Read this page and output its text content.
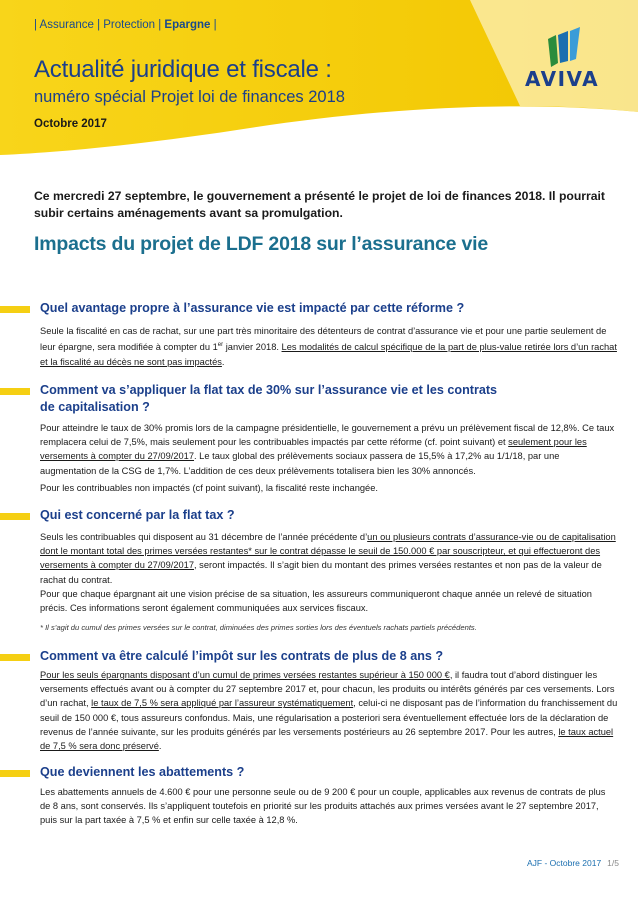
| Assurance | Protection | Epargne |
Actualité juridique et fiscale :
numéro spécial Projet loi de finances 2018
Octobre 2017
AVIVA
Ce mercredi 27 septembre, le gouvernement a présenté le projet de loi de finances 2018. Il pourrait subir certains aménagements avant sa promulgation.
Impacts du projet de LDF 2018 sur l’assurance vie
Quel avantage propre à l’assurance vie est impacté par cette réforme ?
Seule la fiscalité en cas de rachat, sur une part très minoritaire des détenteurs de contrat d’assurance vie et pour une partie seulement de leur épargne, sera modifiée à compter du 1er janvier 2018. Les modalités de calcul spécifique de la part de plus-value retirée lors d’un rachat et la fiscalité au décès ne sont pas impactés.
Comment va s’appliquer la flat tax de 30% sur l’assurance vie et les contrats
de capitalisation ?
Pour atteindre le taux de 30% promis lors de la campagne présidentielle, le gouvernement a prévu un prélèvement fiscal de 12,8%. Ce taux remplacera celui de 7,5%, mais seulement pour les contribuables impactés par cette réforme (cf. point suivant) et seulement pour les versements à compter du 27/09/2017. Le taux global des prélèvements sociaux passera de 15,5% à 17,2% au 1/1/18, par une augmentation de la CSG de 1,7%. L’addition de ces deux prélèvements totalisera bien les 30% annoncés.
Pour les contribuables non impactés (cf point suivant), la fiscalité reste inchangée.
Qui est concerné par la flat tax ?
Seuls les contribuables qui disposent au 31 décembre de l’année précédente d’un ou plusieurs contrats d’assurance-vie ou de capitalisation dont le montant total des primes versées restantes* sur le contrat dépasse le seuil de 150.000 € par souscripteur, et qui effectueront des versements à compter du 27/09/2017, seront impactés. Il s’agit bien du montant des primes versées restantes et non pas de la valeur de rachat du contrat.
Pour que chaque épargnant ait une vision précise de sa situation, les assureurs communiqueront chaque année un relevé de situation précis. Ces informations seront également communiquées aux services fiscaux.
* Il s’agit du cumul des primes versées sur le contrat, diminuées des primes sorties lors des éventuels rachats partiels précédents.
Comment va être calculé l’impôt sur les contrats de plus de 8 ans ?
Pour les seuls épargnants disposant d’un cumul de primes versées restantes supérieur à 150 000 €, il faudra tout d’abord distinguer les versements effectués avant ou à compter du 27 septembre 2017 et, pour chacun, les produits ou intérêts générés par ces versements. Lors d’un rachat, le taux de 7,5 % sera appliqué par l’assureur systématiquement, celui-ci ne disposant pas de l’information du franchissement du seuil de 150 000 €, tous assureurs confondus. Mais, une régularisation a posteriori sera éventuellement effectuée lors de la déclaration de revenus de l’année suivante, sur les produits générés par les versements postérieurs au 26 septembre 2017. Pour les autres, le taux actuel de 7,5 % sera donc préservé.
Que deviennent les abattements ?
Les abattements annuels de 4.600 € pour une personne seule ou de 9 200 € pour un couple, applicables aux revenus de contrats de plus de 8 ans, sont conservés. Ils s’appliquent toutefois en priorité sur les produits attachés aux primes versées avant le 27 septembre 2017, puis sur la part taxée à 7,5 % et enfin sur celle taxée à 12,8 %.
AJF - Octobre 2017 1/5
